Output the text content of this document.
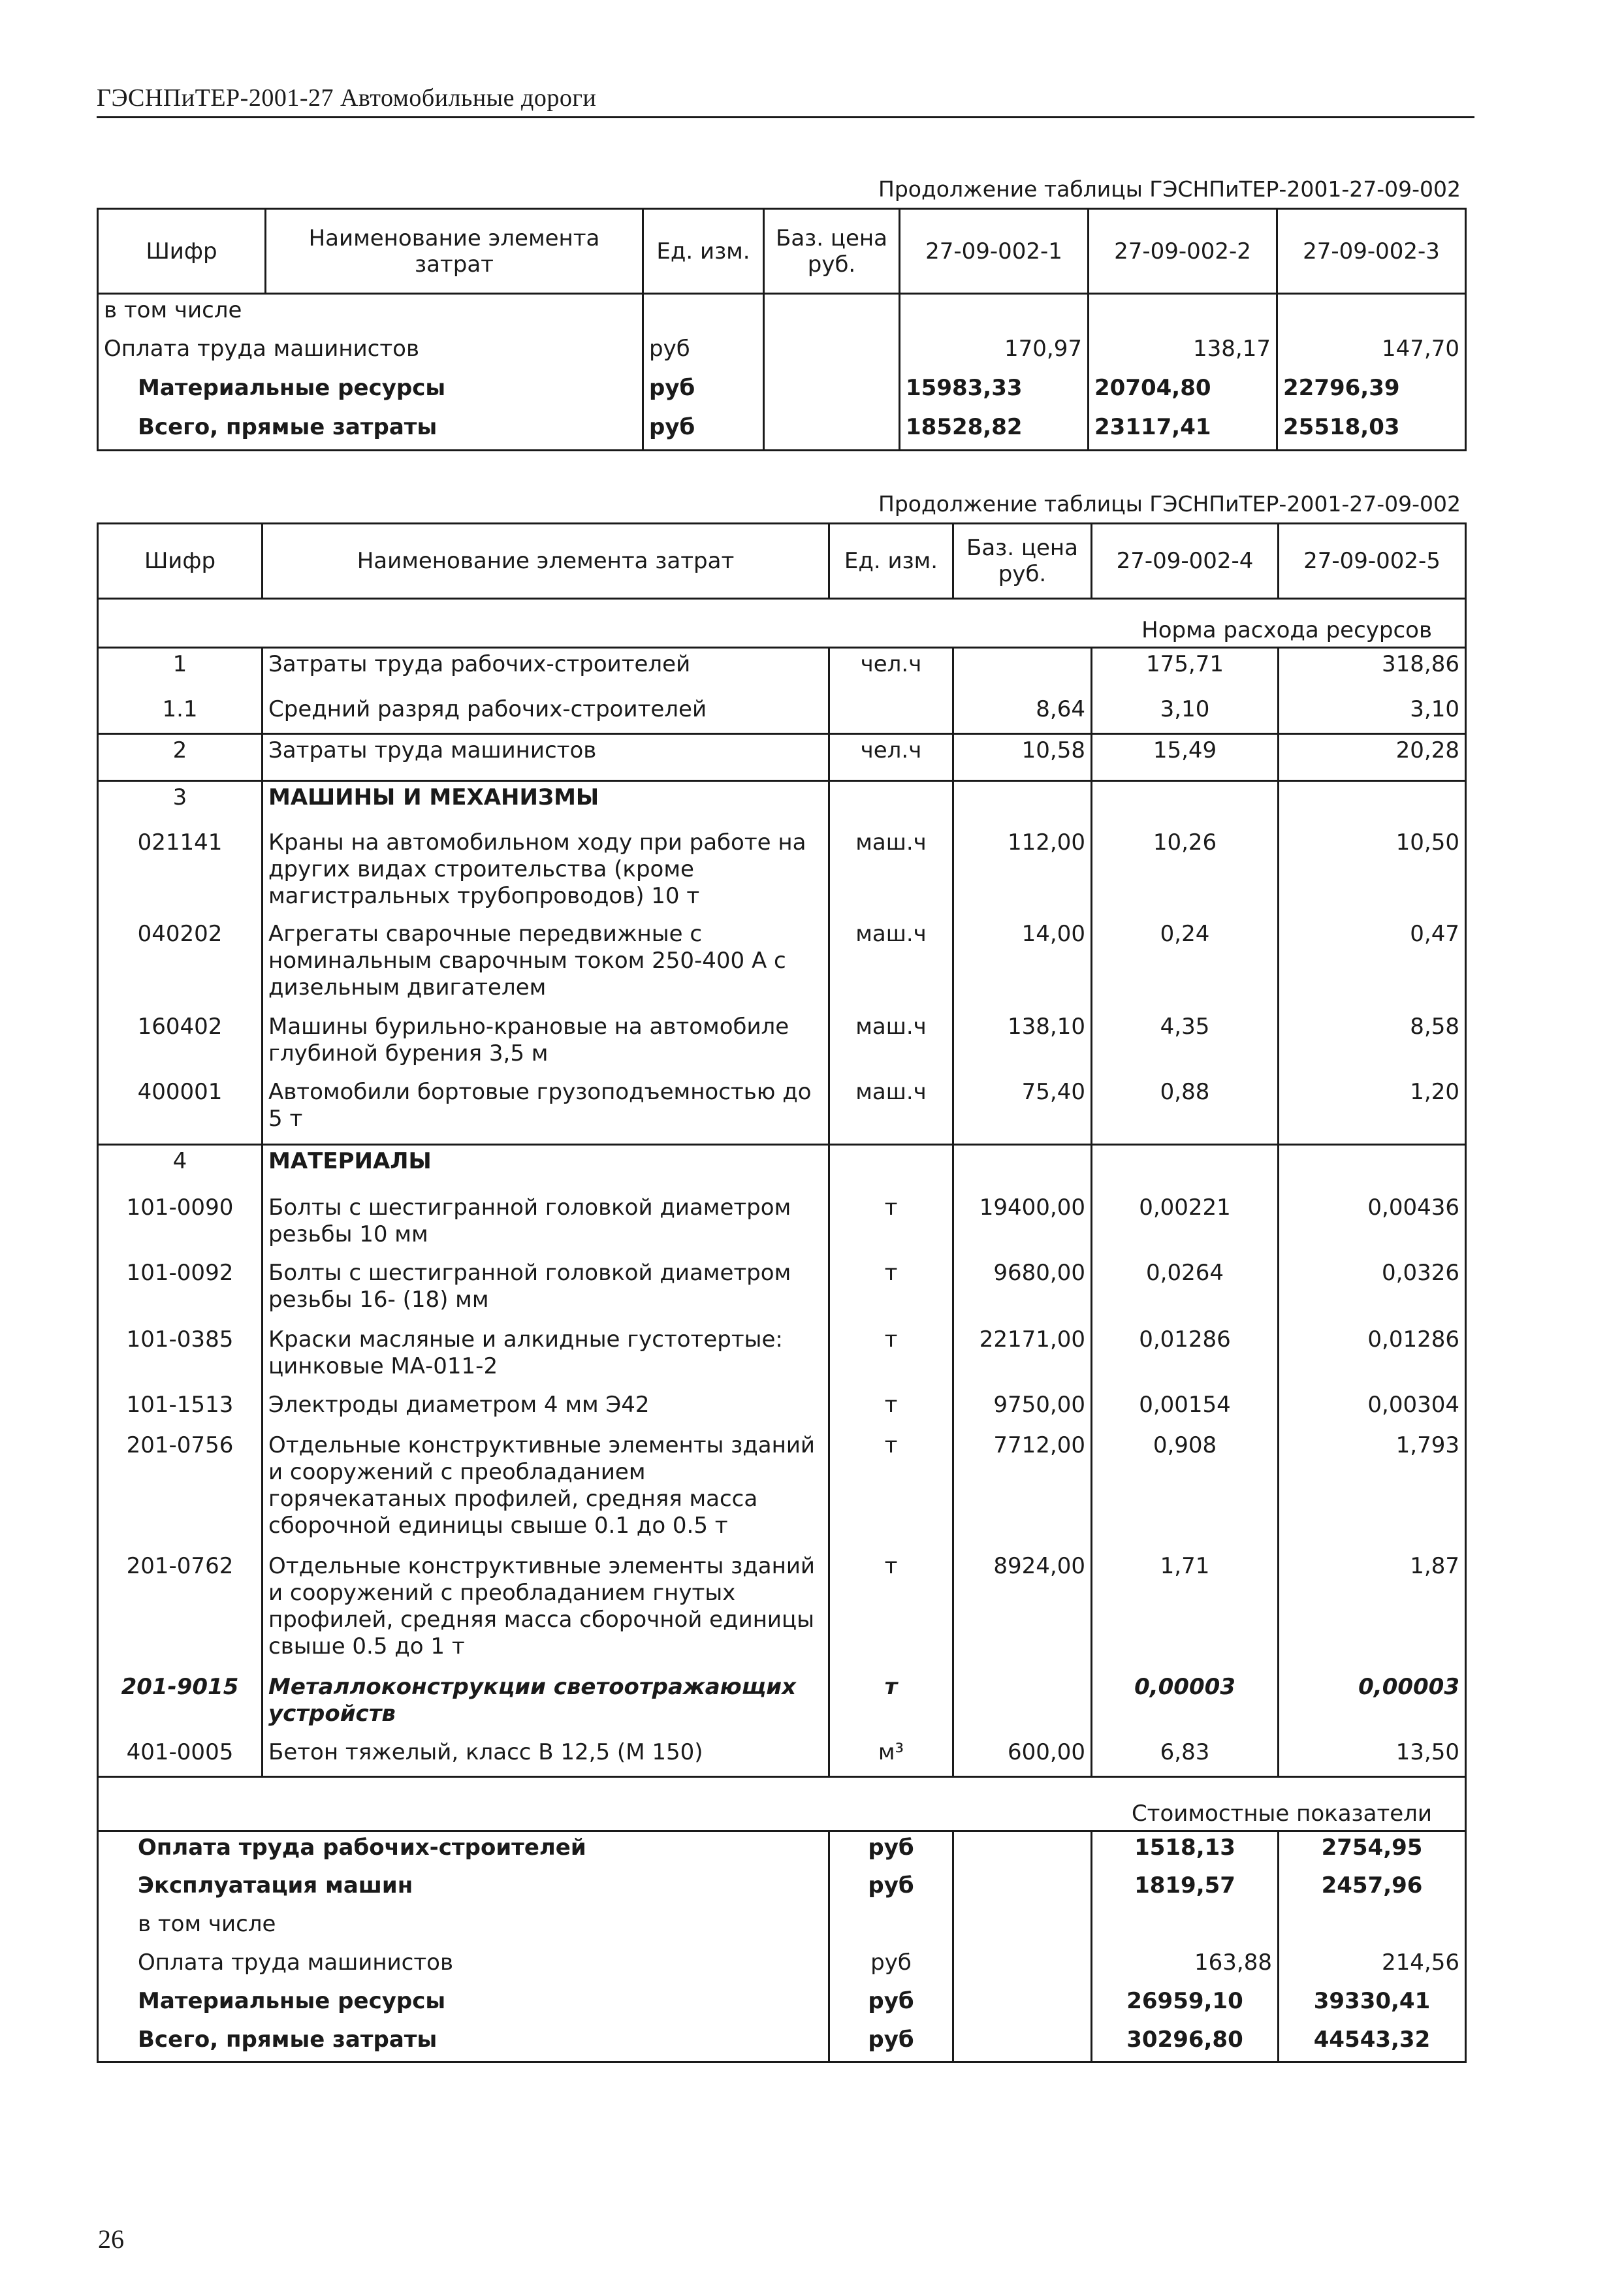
ГЭСНПиТЕР-2001-27 Автомобильные дороги
Продолжение таблицы ГЭСНПиТЕР-2001-27-09-002
Шифр	Наименование элемента затрат	Ед. изм.	Баз. цена руб.	27-09-002-1	27-09-002-2	27-09-002-3
в том числе						
Оплата труда машинистов		руб		170,97	138,17	147,70
Материальные ресурсы		руб		15983,33	20704,80	22796,39
Всего, прямые затраты		руб		18528,82	23117,41	25518,03
Продолжение таблицы ГЭСНПиТЕР-2001-27-09-002
Шифр	Наименование элемента затрат	Ед. изм.	Баз. цена руб.	27-09-002-4	27-09-002-5
Норма расхода ресурсов					
1	Затраты труда рабочих-строителей	чел.ч		175,71	318,86
1.1	Средний разряд рабочих-строителей		8,64	3,10	3,10
2	Затраты труда машинистов	чел.ч	10,58	15,49	20,28
3	МАШИНЫ И МЕХАНИЗМЫ				
021141	Краны на автомобильном ходу при работе на других видах строительства (кроме магистральных трубопроводов) 10 т	маш.ч	112,00	10,26	10,50
040202	Агрегаты сварочные передвижные с номинальным сварочным током 250-400 А с дизельным двигателем	маш.ч	14,00	0,24	0,47
160402	Машины бурильно-крановые на автомобиле глубиной бурения 3,5 м	маш.ч	138,10	4,35	8,58
400001	Автомобили бортовые грузоподъемностью до 5 т	маш.ч	75,40	0,88	1,20
4	МАТЕРИАЛЫ				
101-0090	Болты с шестигранной головкой диаметром резьбы 10 мм	т	19400,00	0,00221	0,00436
101-0092	Болты с шестигранной головкой диаметром резьбы 16- (18) мм	т	9680,00	0,0264	0,0326
101-0385	Краски масляные и алкидные густотертые: цинковые МА-011-2	т	22171,00	0,01286	0,01286
101-1513	Электроды диаметром 4 мм Э42	т	9750,00	0,00154	0,00304
201-0756	Отдельные конструктивные элементы зданий и сооружений с преобладанием горячекатаных профилей, средняя масса сборочной единицы свыше 0.1 до 0.5 т	т	7712,00	0,908	1,793
201-0762	Отдельные конструктивные элементы зданий и сооружений с преобладанием гнутых профилей, средняя масса сборочной единицы свыше 0.5 до 1 т	т	8924,00	1,71	1,87
201-9015	Металлоконструкции светоотражающих устройств	т		0,00003	0,00003
401-0005	Бетон тяжелый, класс В 12,5 (М 150)	м³	600,00	6,83	13,50
Стоимостные показатели					
Оплата труда рабочих-строителей		руб		1518,13	2754,95
Эксплуатация машин		руб		1819,57	2457,96
в том числе					
Оплата труда машинистов		руб		163,88	214,56
Материальные ресурсы		руб		26959,10	39330,41
Всего, прямые затраты		руб		30296,80	44543,32
26
